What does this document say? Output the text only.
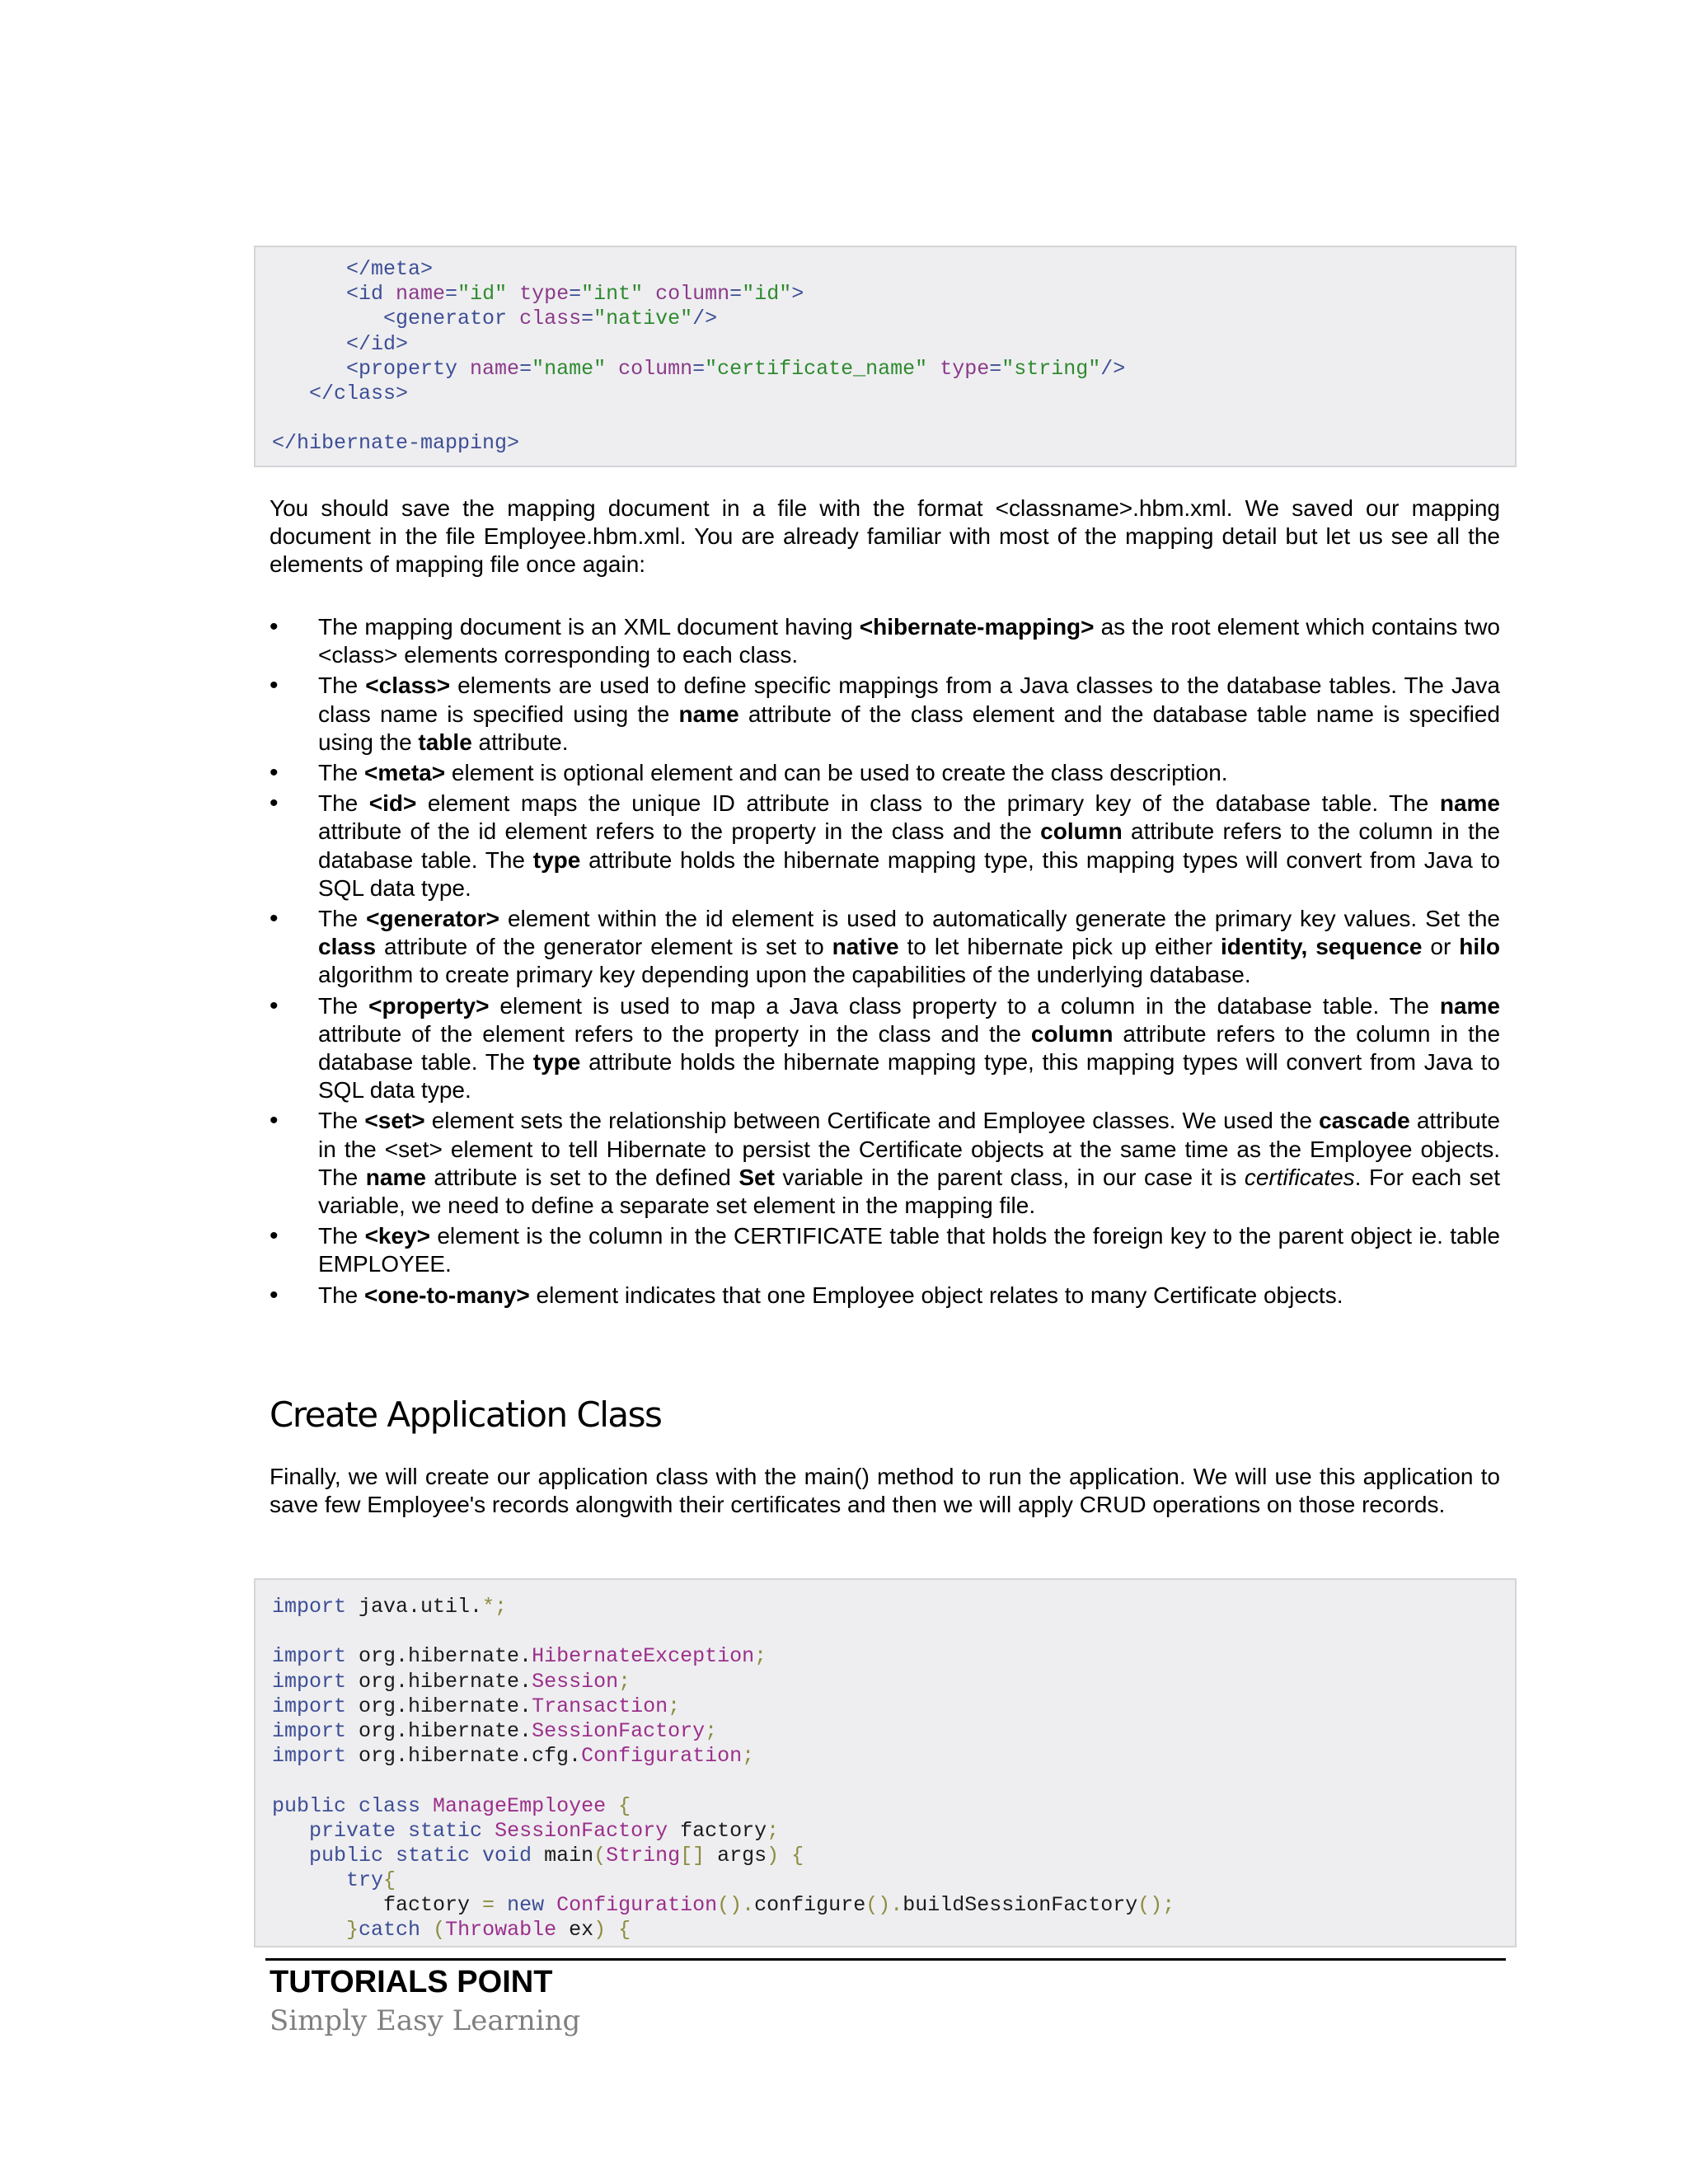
</meta>
<id name="id" type="int" column="id">
<generator class="native"/>
</id>
<property name="name" column="certificate_name" type="string"/>
</class>

</hibernate-mapping>
You should save the mapping document in a file with the format <classname>.hbm.xml. We saved our mapping document in the file Employee.hbm.xml. You are already familiar with most of the mapping detail but let us see all the elements of mapping file once again:
•
The mapping document is an XML document having <hibernate-mapping> as the root element which contains two <class> elements corresponding to each class.
•
The <class> elements are used to define specific mappings from a Java classes to the database tables. The Java class name is specified using the name attribute of the class element and the database table name is specified using the table attribute.
•
The <meta> element is optional element and can be used to create the class description.
•
The <id> element maps the unique ID attribute in class to the primary key of the database table. The name attribute of the id element refers to the property in the class and the column attribute refers to the column in the database table. The type attribute holds the hibernate mapping type, this mapping types will convert from Java to SQL data type.
•
The <generator> element within the id element is used to automatically generate the primary key values. Set the class attribute of the generator element is set to native to let hibernate pick up either identity, sequence or hilo algorithm to create primary key depending upon the capabilities of the underlying database.
•
The <property> element is used to map a Java class property to a column in the database table. The name attribute of the element refers to the property in the class and the column attribute refers to the column in the database table. The type attribute holds the hibernate mapping type, this mapping types will convert from Java to SQL data type.
•
The <set> element sets the relationship between Certificate and Employee classes. We used the cascade attribute in the <set> element to tell Hibernate to persist the Certificate objects at the same time as the Employee objects. The name attribute is set to the defined Set variable in the parent class, in our case it is certificates. For each set variable, we need to define a separate set element in the mapping file.
•
The <key> element is the column in the CERTIFICATE table that holds the foreign key to the parent object ie. table EMPLOYEE.
•
The <one-to-many> element indicates that one Employee object relates to many Certificate objects.
Create Application Class
Finally, we will create our application class with the main() method to run the application. We will use this application to save few Employee's records alongwith their certificates and then we will apply CRUD operations on those records.
import java.util.*;

import org.hibernate.HibernateException;
import org.hibernate.Session;
import org.hibernate.Transaction;
import org.hibernate.SessionFactory;
import org.hibernate.cfg.Configuration;

public class ManageEmployee {
private static SessionFactory factory;
public static void main(String[] args) {
try{
factory = new Configuration().configure().buildSessionFactory();
}catch (Throwable ex) {
TUTORIALS POINT
Simply Easy Learning
